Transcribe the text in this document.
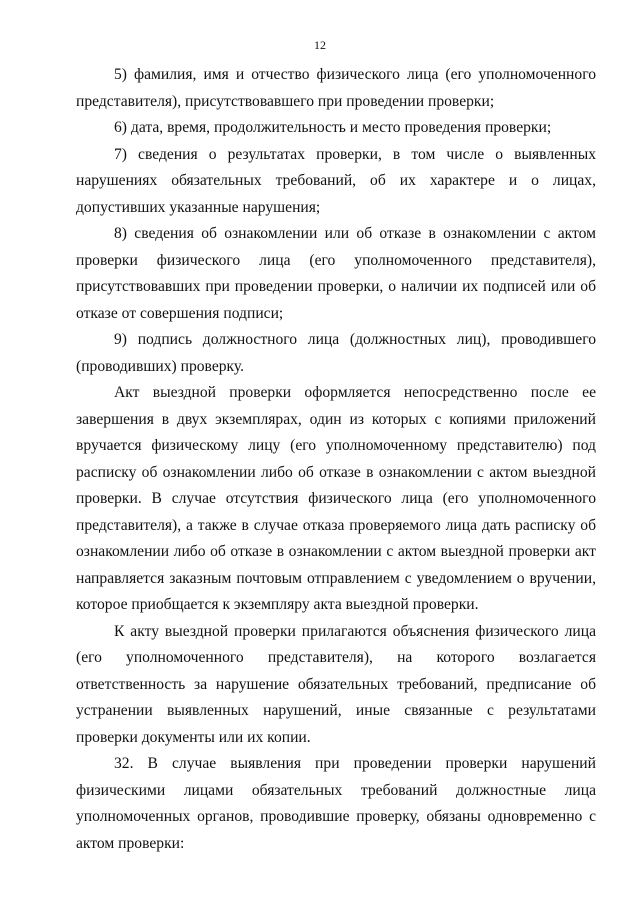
12

5) фамилия, имя и отчество физического лица (его уполномоченного представителя), присутствовавшего при проведении проверки;

6) дата, время, продолжительность и место проведения проверки;

7) сведения о результатах проверки, в том числе о выявленных нарушениях обязательных требований, об их характере и о лицах, допустивших указанные нарушения;

8) сведения об ознакомлении или об отказе в ознакомлении с актом проверки физического лица (его уполномоченного представителя), присутствовавших при проведении проверки, о наличии их подписей или об отказе от совершения подписи;

9) подпись должностного лица (должностных лиц), проводившего (проводивших) проверку.

Акт выездной проверки оформляется непосредственно после ее завершения в двух экземплярах, один из которых с копиями приложений вручается физическому лицу (его уполномоченному представителю) под расписку об ознакомлении либо об отказе в ознакомлении с актом выездной проверки. В случае отсутствия физического лица (его уполномоченного представителя), а также в случае отказа проверяемого лица дать расписку об ознакомлении либо об отказе в ознакомлении с актом выездной проверки акт направляется заказным почтовым отправлением с уведомлением о вручении, которое приобщается к экземпляру акта выездной проверки.

К акту выездной проверки прилагаются объяснения физического лица (его уполномоченного представителя), на которого возлагается ответственность за нарушение обязательных требований, предписание об устранении выявленных нарушений, иные связанные с результатами проверки документы или их копии.

32. В случае выявления при проведении проверки нарушений физическими лицами обязательных требований должностные лица уполномоченных органов, проводившие проверку, обязаны одновременно с актом проверки:
